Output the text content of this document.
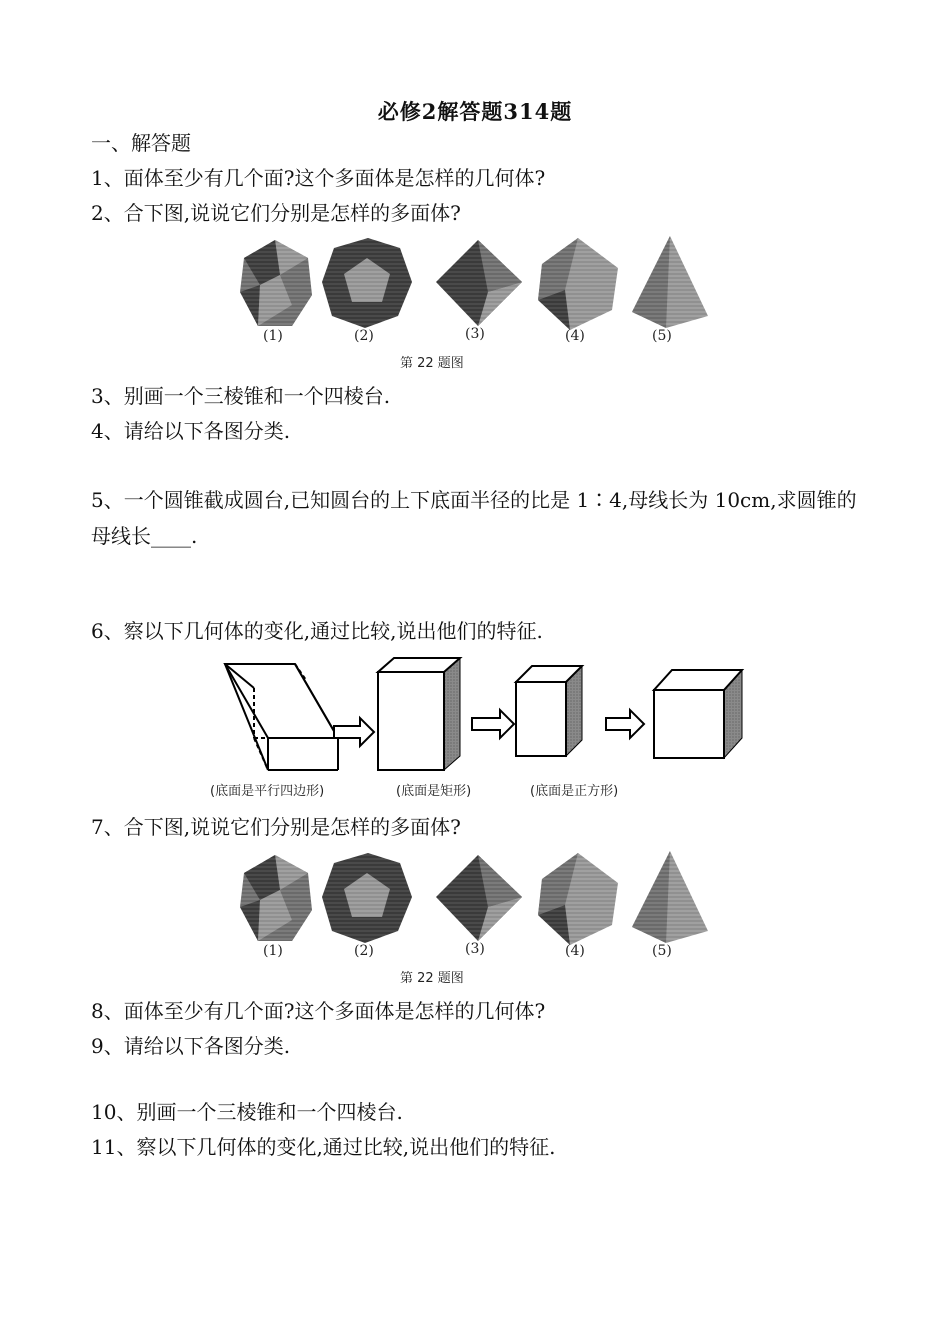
必修2解答题314题
一、解答题
1、面体至少有几个面?这个多面体是怎样的几何体?
2、合下图,说说它们分别是怎样的多面体?
(1)	(2)	(3)	(4)	(5)
第 22 题图
3、别画一个三棱锥和一个四棱台.
4、请给以下各图分类.
5、一个圆锥截成圆台,已知圆台的上下底面半径的比是 1∶4,母线长为 10cm,求圆锥的母线长____.
6、察以下几何体的变化,通过比较,说出他们的特征.
(底面是平行四边形)	(底面是矩形)	(底面是正方形)
7、合下图,说说它们分别是怎样的多面体?
(1)	(2)	(3)	(4)	(5)
第 22 题图
8、面体至少有几个面?这个多面体是怎样的几何体?
9、请给以下各图分类.
10、别画一个三棱锥和一个四棱台.
11、察以下几何体的变化,通过比较,说出他们的特征.
